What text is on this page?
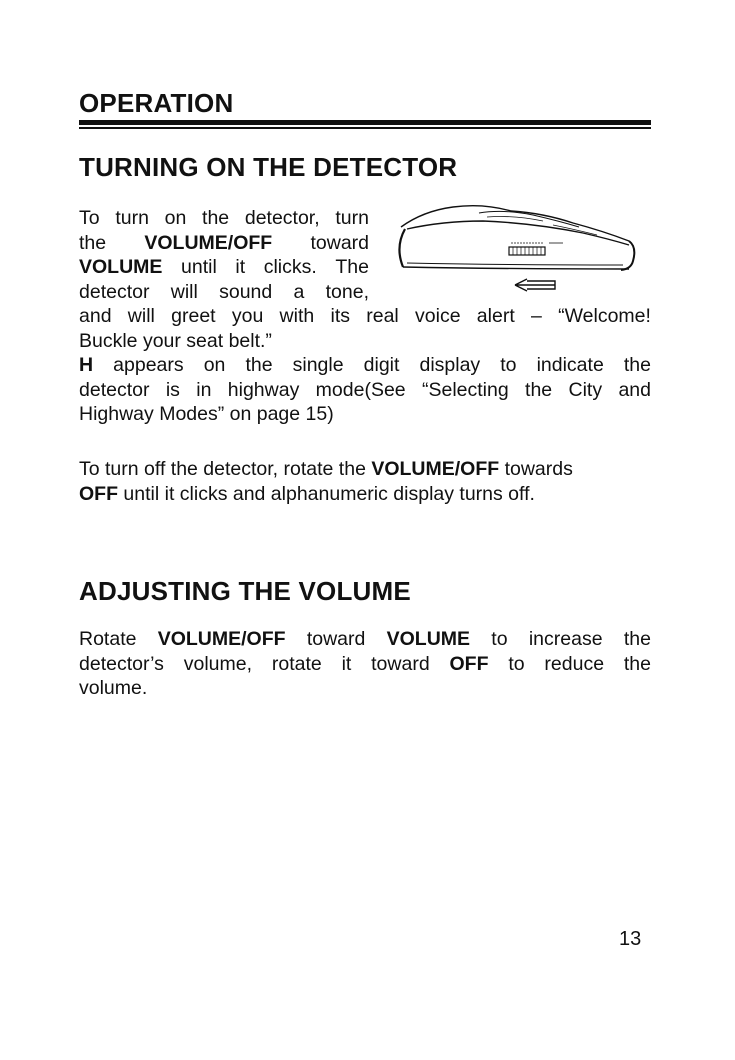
OPERATION
TURNING ON THE DETECTOR
To turn on the detector, turn
the VOLUME/OFF toward
VOLUME until it clicks. The
detector will sound a tone,
and will greet you with its real voice alert – “Welcome!
Buckle your seat belt.”
H appears on the single digit display to indicate the
detector is in highway mode(See “Selecting the City and
Highway Modes” on page 15)
To turn off the detector, rotate the VOLUME/OFF towards
OFF until it clicks and alphanumeric display turns off.
ADJUSTING THE VOLUME
Rotate VOLUME/OFF toward VOLUME to increase the
detector’s volume, rotate it toward OFF to reduce the
volume.

13
